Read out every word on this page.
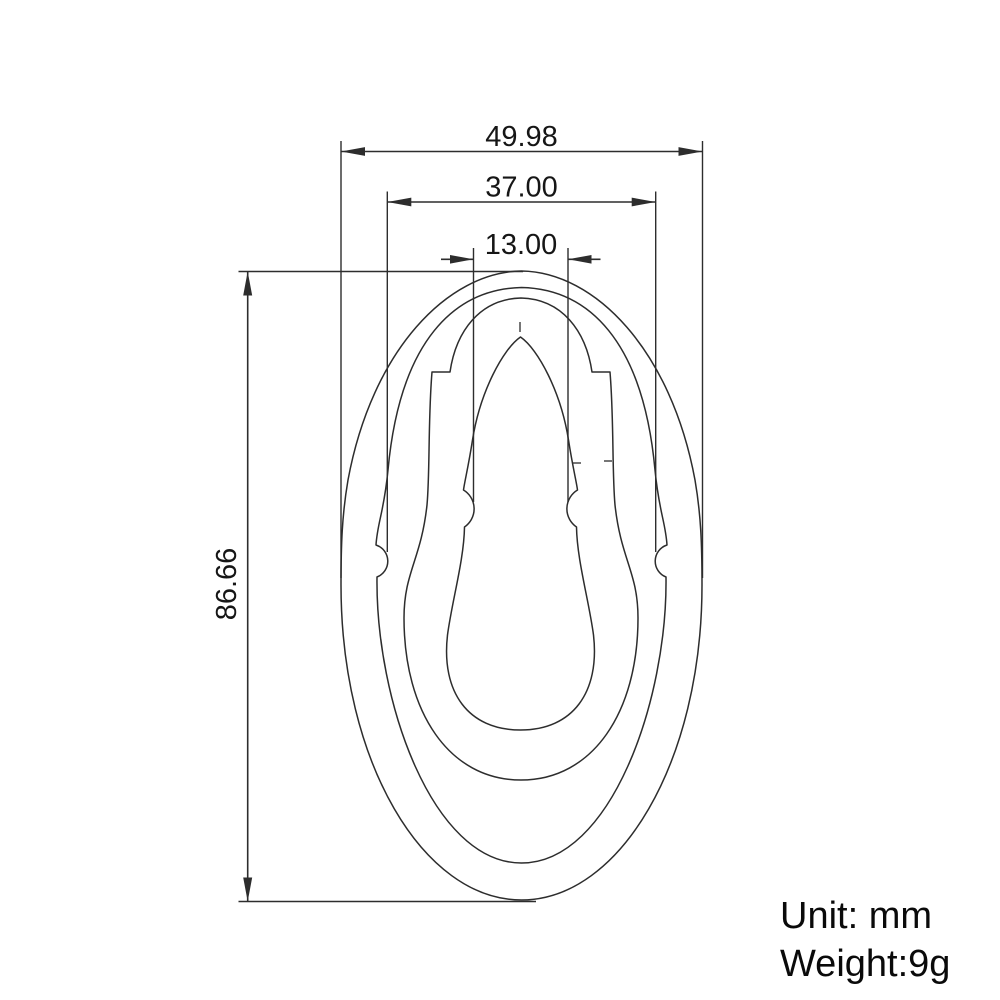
49.98
37.00
13.00
86.66
Unit: mm
Weight:9g
